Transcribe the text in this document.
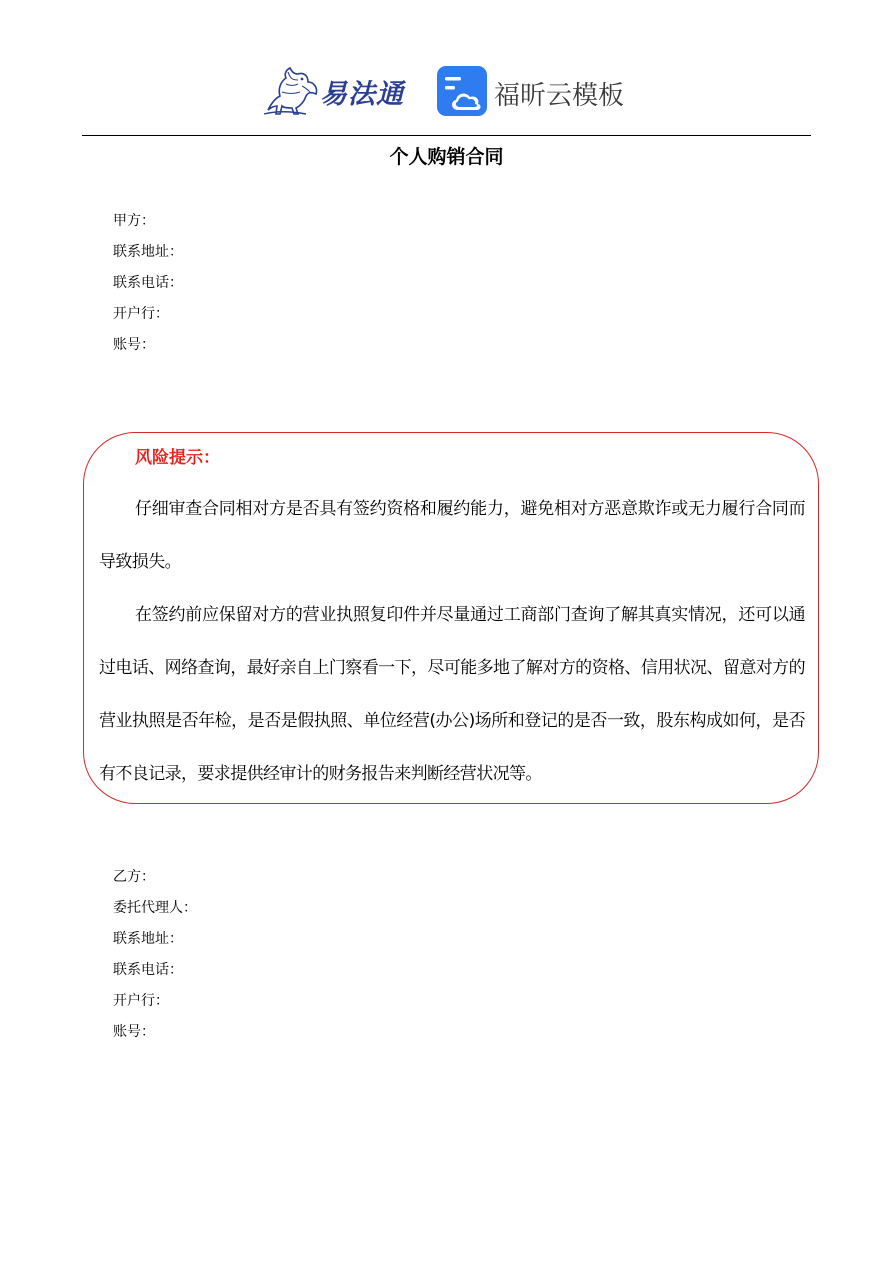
易法通	福昕云模板
个人购销合同
甲方：
联系地址：
联系电话：
开户行：
账号：
风险提示：

仔细审查合同相对方是否具有签约资格和履约能力，避免相对方恶意欺诈或无力履行合同而导致损失。

在签约前应保留对方的营业执照复印件并尽量通过工商部门查询了解其真实情况，还可以通过电话、网络查询，最好亲自上门察看一下，尽可能多地了解对方的资格、信用状况、留意对方的营业执照是否年检，是否是假执照、单位经营(办公)场所和登记的是否一致，股东构成如何，是否有不良记录，要求提供经审计的财务报告来判断经营状况等。

乙方：
委托代理人：
联系地址：
联系电话：
开户行：
账号：
